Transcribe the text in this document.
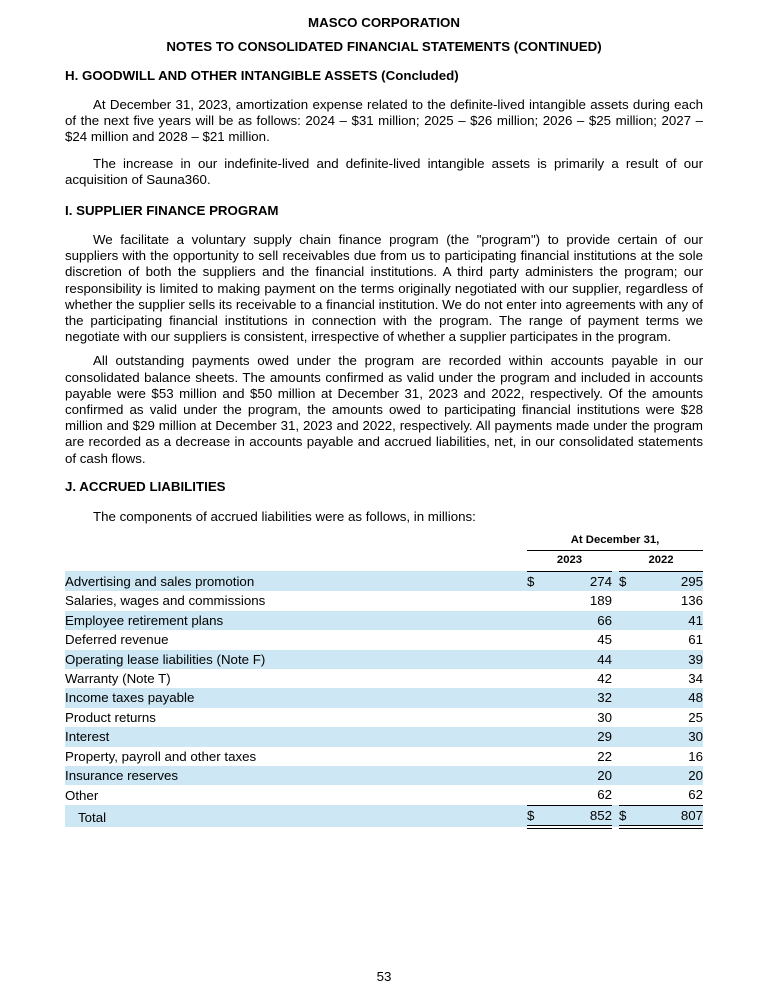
MASCO CORPORATION
NOTES TO CONSOLIDATED FINANCIAL STATEMENTS (CONTINUED)
H. GOODWILL AND OTHER INTANGIBLE ASSETS (Concluded)

At December 31, 2023, amortization expense related to the definite-lived intangible assets during each of the next five years will be as follows: 2024 – $31 million; 2025 – $26 million; 2026 – $25 million; 2027 – $24 million and 2028 – $21 million.

The increase in our indefinite-lived and definite-lived intangible assets is primarily a result of our acquisition of Sauna360.

I. SUPPLIER FINANCE PROGRAM

We facilitate a voluntary supply chain finance program (the "program") to provide certain of our suppliers with the opportunity to sell receivables due from us to participating financial institutions at the sole discretion of both the suppliers and the financial institutions. A third party administers the program; our responsibility is limited to making payment on the terms originally negotiated with our supplier, regardless of whether the supplier sells its receivable to a financial institution. We do not enter into agreements with any of the participating financial institutions in connection with the program. The range of payment terms we negotiate with our suppliers is consistent, irrespective of whether a supplier participates in the program.

All outstanding payments owed under the program are recorded within accounts payable in our consolidated balance sheets. The amounts confirmed as valid under the program and included in accounts payable were $53 million and $50 million at December 31, 2023 and 2022, respectively. Of the amounts confirmed as valid under the program, the amounts owed to participating financial institutions were $28 million and $29 million at December 31, 2023 and 2022, respectively. All payments made under the program are recorded as a decrease in accounts payable and accrued liabilities, net, in our consolidated statements of cash flows.

J. ACCRUED LIABILITIES

The components of accrued liabilities were as follows, in millions:

	At December 31,				
	2023			2022	
Advertising and sales promotion	$	274		$	295
Salaries, wages and commissions		189			136
Employee retirement plans		66			41
Deferred revenue		45			61
Operating lease liabilities (Note F)		44			39
Warranty (Note T)		42			34
Income taxes payable		32			48
Product returns		30			25
Interest		29			30
Property, payroll and other taxes		22			16
Insurance reserves		20			20
Other		62			62
Total	$	852		$	807
53
